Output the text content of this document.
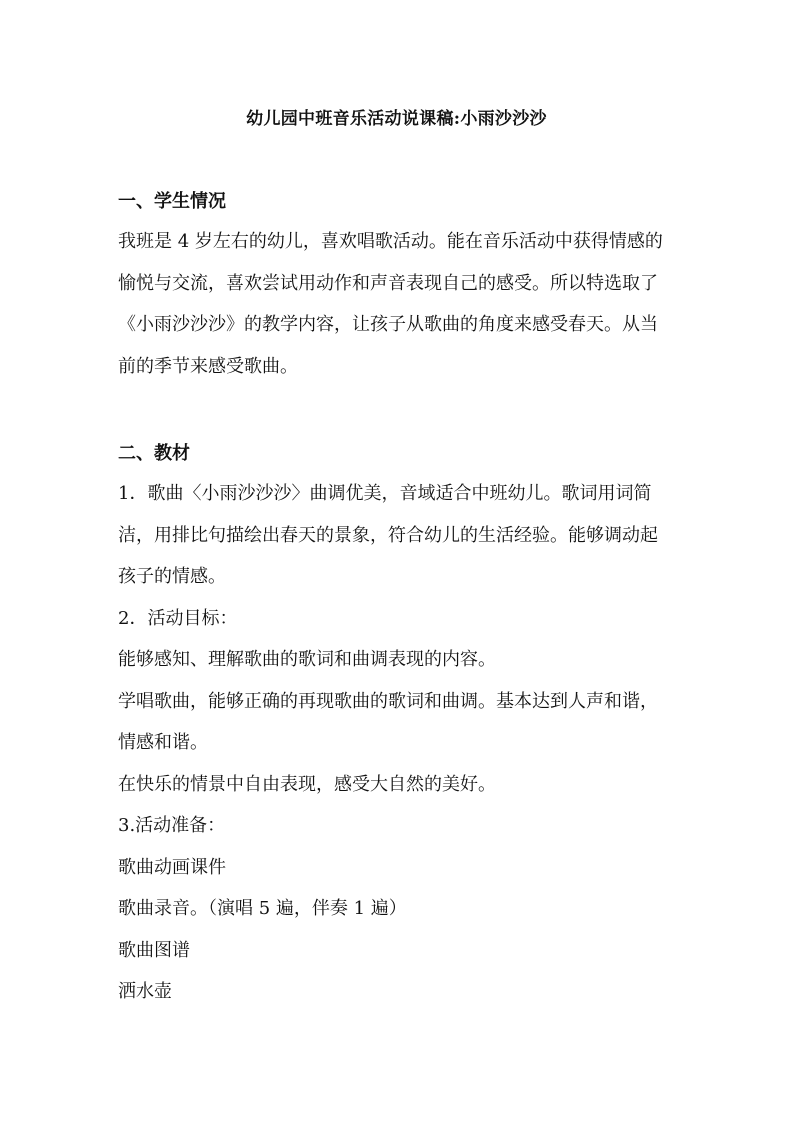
幼儿园中班音乐活动说课稿:小雨沙沙沙
一、学生情况

我班是 4 岁左右的幼儿，喜欢唱歌活动。能在音乐活动中获得情感的

愉悦与交流，喜欢尝试用动作和声音表现自己的感受。所以特选取了

《小雨沙沙沙》的教学内容，让孩子从歌曲的角度来感受春天。从当

前的季节来感受歌曲。

二、教材

1．歌曲〈小雨沙沙沙〉曲调优美，音域适合中班幼儿。歌词用词简

洁，用排比句描绘出春天的景象，符合幼儿的生活经验。能够调动起

孩子的情感。

2．活动目标：

能够感知、理解歌曲的歌词和曲调表现的内容。

学唱歌曲，能够正确的再现歌曲的歌词和曲调。基本达到人声和谐，

情感和谐。

在快乐的情景中自由表现，感受大自然的美好。

3.活动准备：

歌曲动画课件

歌曲录音。（演唱 5 遍，伴奏 1 遍）

歌曲图谱

洒水壶
